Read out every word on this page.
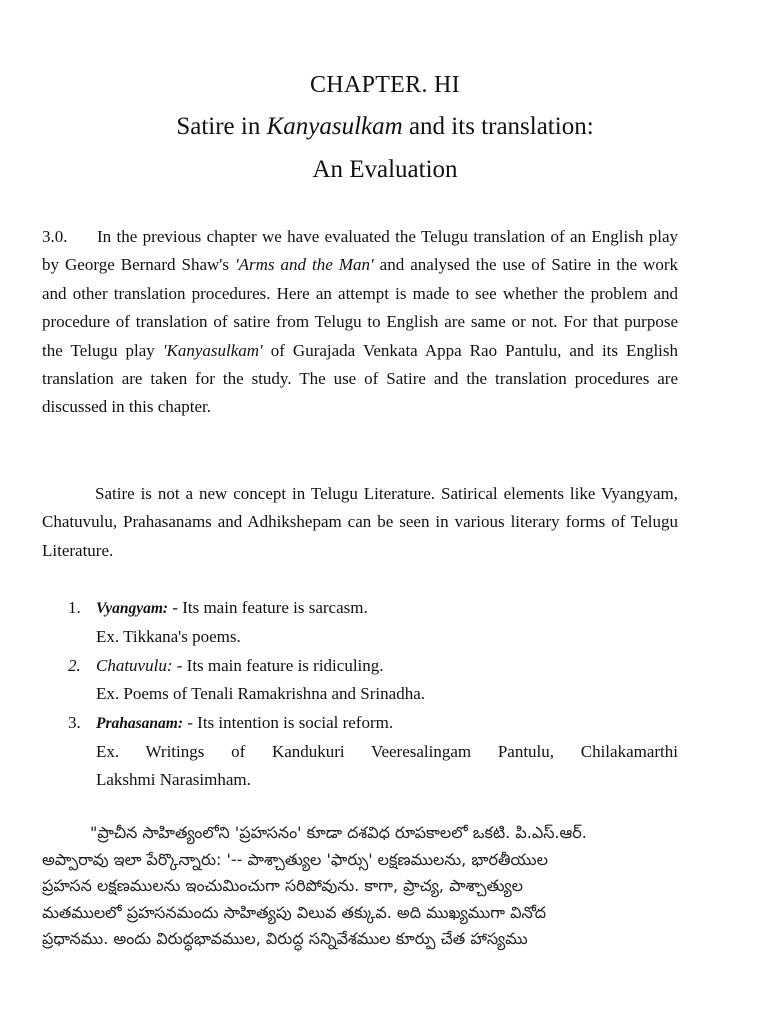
CHAPTER. HI
Satire in Kanyasulkam and its translation:
An Evaluation
3.0. In the previous chapter we have evaluated the Telugu translation of an English play by George Bernard Shaw's 'Arms and the Man' and analysed the use of Satire in the work and other translation procedures. Here an attempt is made to see whether the problem and procedure of translation of satire from Telugu to English are same or not. For that purpose the Telugu play 'Kanyasulkam' of Gurajada Venkata Appa Rao Pantulu, and its English translation are taken for the study. The use of Satire and the translation procedures are discussed in this chapter.
Satire is not a new concept in Telugu Literature. Satirical elements like Vyangyam, Chatuvulu, Prahasanams and Adhikshepam can be seen in various literary forms of Telugu Literature.
1. Vyangyam: - Its main feature is sarcasm.
Ex. Tikkana's poems.
2. Chatuvulu: - Its main feature is ridiculing.
Ex. Poems of Tenali Ramakrishna and Srinadha.
3. Prahasanam: - Its intention is social reform.
Ex. Writings of Kandukuri Veeresalingam Pantulu, Chilakamarthi
Lakshmi Narasimham.
"ప్రాచీన సాహిత్యంలోని 'ప్రహసనం' కూడా దశవిధ రూపకాలలో ఒకటి. పి.ఎస్.ఆర్.
అప్పారావు ఇలా పేర్కొన్నారు: '-- పాశ్చాత్యుల 'ఫార్సు' లక్షణములను, భారతీయుల
ప్రహసన లక్షణములను ఇంచుమించుగా సరిపోవును. కాగా, ప్రాచ్య, పాశ్చాత్యుల
మతములలో ప్రహసనమందు సాహిత్యపు విలువ తక్కువ. అది ముఖ్యముగా వినోద
ప్రధానము. అందు విరుద్ధభావముల, విరుద్ధ సన్నివేశముల కూర్పు చేత హాస్యము
